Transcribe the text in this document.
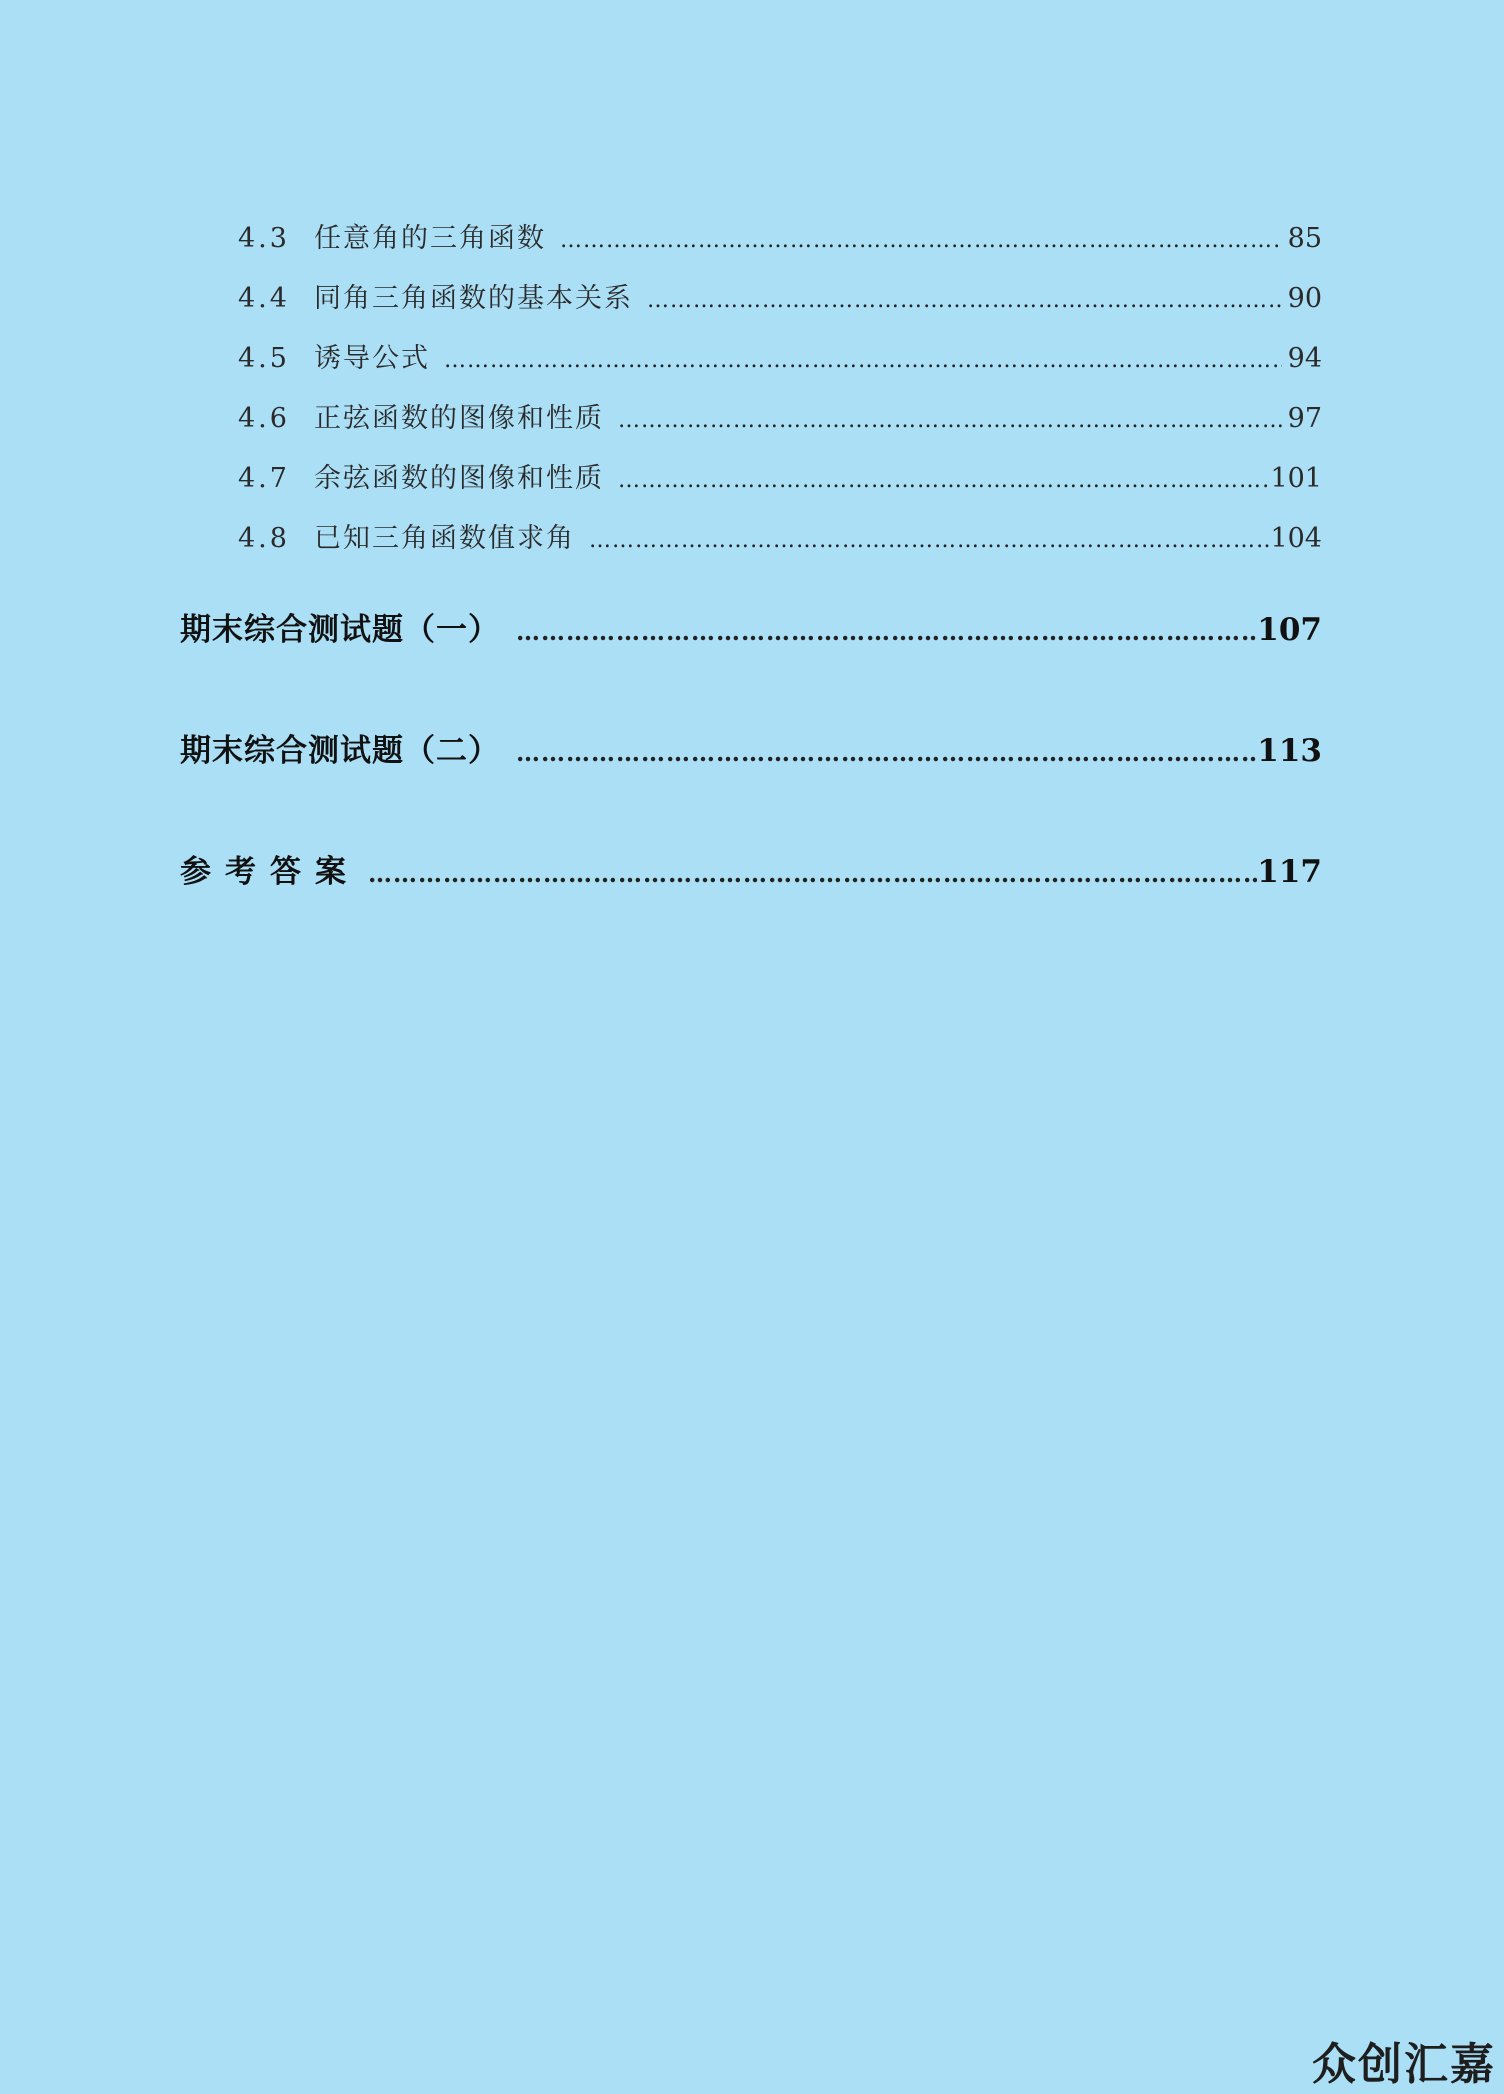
4.3 任意角的三角函数 ……………………………………………………………………………………………………………………………………………………………………………………………………………………………………	85
4.4 同角三角函数的基本关系 ……………………………………………………………………………………………………………………………………………………………………………………………………………………………………	90
4.5 诱导公式 ……………………………………………………………………………………………………………………………………………………………………………………………………………………………………	94
4.6 正弦函数的图像和性质 ……………………………………………………………………………………………………………………………………………………………………………………………………………………………………	97
4.7 余弦函数的图像和性质 ……………………………………………………………………………………………………………………………………………………………………………………………………………………………………	101
4.8 已知三角函数值求角 ……………………………………………………………………………………………………………………………………………………………………………………………………………………………………	104
期末综合测试题（一） ……………………………………………………………………………………………………………………………………………………………………………………………………………………………………	107
期末综合测试题（二） ……………………………………………………………………………………………………………………………………………………………………………………………………………………………………	113
参考答案 ……………………………………………………………………………………………………………………………………………………………………………………………………………………………………	117
众创汇嘉
